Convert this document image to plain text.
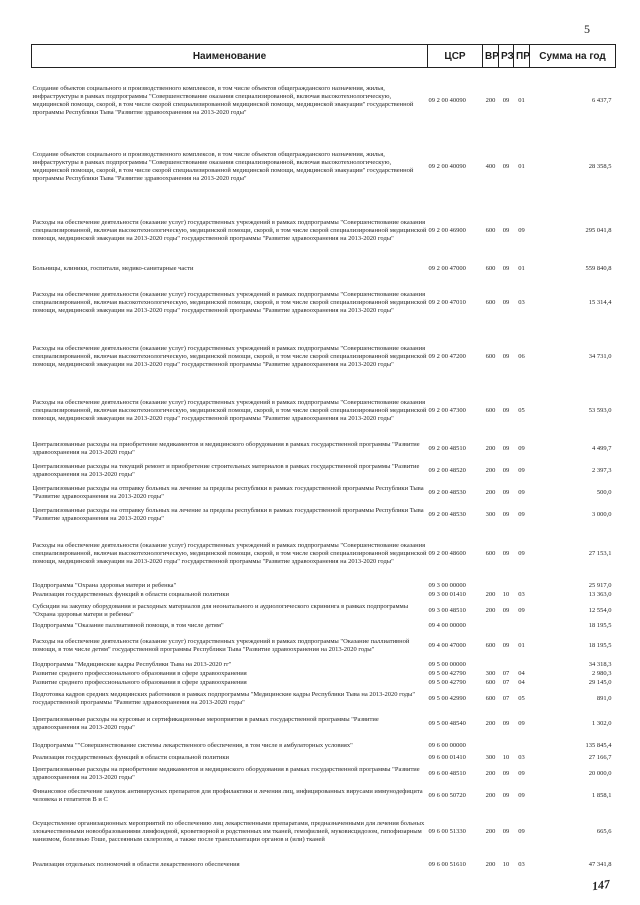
5
Наименование	ЦСР	ВР	РЗ	ПР	Сумма на год
Создание объектов социального и производственного комплексов, в том числе объектов общегражданского назначения, жилья, инфраструктуры в рамках подпрограммы "Совершенствование оказания специализированной, включая высокотехнологическую, медицинской помощи, скорой, в том числе скорой специализированной медицинской помощи, медицинской эвакуации" государственной программы Республики Тыва "Развитие здравоохранения на 2013-2020 годы"	09 2 00 40090	200	09	01	6 437,7
Создание объектов социального и производственного комплексов, в том числе объектов общегражданского назначения, жилья, инфраструктуры в рамках подпрограммы "Совершенствование оказания специализированной, включая высокотехнологическую, медицинской помощи, скорой, в том числе скорой специализированной медицинской помощи, медицинской эвакуации" государственной программы Республики Тыва "Развитие здравоохранения на 2013-2020 годы"	09 2 00 40090	400	09	01	28 358,5
Расходы на обеспечение деятельности (оказание услуг) государственных учреждений в рамках подпрограммы "Совершенствование оказания специализированной, включая высокотехнологическую, медицинской помощи, скорой, в том числе скорой специализированной медицинской помощи, медицинской эвакуации на 2013-2020 годы" государственной программы "Развитие здравоохранения на 2013-2020 годы"	09 2 00 46900	600	09	09	295 041,8
Больницы, клиники, госпитали, медико-санитарные части	09 2 00 47000	600	09	01	559 840,8
Расходы на обеспечение деятельности (оказание услуг) государственных учреждений в рамках подпрограммы "Совершенствование оказания специализированной, включая высокотехнологическую, медицинской помощи, скорой, в том числе скорой специализированной медицинской помощи, медицинской эвакуации на 2013-2020 годы" государственной программы "Развитие здравоохранения на 2013-2020 годы"	09 2 00 47010	600	09	03	15 314,4
Расходы на обеспечение деятельности (оказание услуг) государственных учреждений в рамках подпрограммы "Совершенствование оказания специализированной, включая высокотехнологическую, медицинской помощи, скорой, в том числе скорой специализированной медицинской помощи, медицинской эвакуации на 2013-2020 годы" государственной программы "Развитие здравоохранения на 2013-2020 годы"	09 2 00 47200	600	09	06	34 731,0
Расходы на обеспечение деятельности (оказание услуг) государственных учреждений в рамках подпрограммы "Совершенствование оказания специализированной, включая высокотехнологическую, медицинской помощи, скорой, в том числе скорой специализированной медицинской помощи, медицинской эвакуации на 2013-2020 годы" государственной программы "Развитие здравоохранения на 2013-2020 годы"	09 2 00 47300	600	09	05	53 593,0
Централизованные расходы на приобретение медикаментов и медицинского оборудования в рамках государственной программы "Развитие здравоохранения на 2013-2020 годы"	09 2 00 48510	200	09	09	4 499,7
Централизованные расходы на текущий ремонт и приобретение строительных материалов в рамках государственной программы "Развитие здравоохранения на 2013-2020 годы"	09 2 00 48520	200	09	09	2 397,3
Централизованные расходы на отправку больных на лечение за пределы республики в рамках государственной программы Республики Тыва "Развитие здравоохранения на 2013-2020 годы"	09 2 00 48530	200	09	09	500,0
Централизованные расходы на отправку больных на лечение за пределы республики в рамках государственной программы Республики Тыва "Развитие здравоохранения на 2013-2020 годы"	09 2 00 48530	300	09	09	3 000,0
Расходы на обеспечение деятельности (оказание услуг) государственных учреждений в рамках подпрограммы "Совершенствование оказания специализированной, включая высокотехнологическую, медицинской помощи, скорой, в том числе скорой специализированной медицинской помощи, медицинской эвакуации на 2013-2020 годы" государственной программы "Развитие здравоохранения на 2013-2020 годы"	09 2 00 48600	600	09	09	27 153,1
Подпрограмма "Охрана здоровья матери и ребенка"	09 3 00 00000				25 917,0
Реализация государственных функций в области социальной политики	09 3 00 01410	200	10	03	13 363,0
Субсидии на закупку оборудования и расходных материалов для неонатального и аудиологического скрининга в рамках подпрограммы "Охрана здоровья матери и ребенка"	09 3 00 48510	200	09	09	12 554,0
Подпрограмма "Оказание паллиативной помощи, в том числе детям"	09 4 00 00000				18 195,5
Расходы на обеспечение деятельности (оказание услуг) государственных учреждений в рамках подпрограммы "Оказание паллиативной помощи, в том числе детям" государственной программы Республики Тыва "Развитие здравоохранения на 2013-2020 годы"	09 4 00 47000	600	09	01	18 195,5
Подпрограмма "Медицинские кадры Республики Тыва на 2013-2020 гг"	09 5 00 00000				34 318,3
Развитие среднего профессионального образования в сфере здравоохранения	09 5 00 42790	300	07	04	2 980,3
Развитие среднего профессионального образования в сфере здравоохранения	09 5 00 42790	600	07	04	29 145,0
Подготовка кадров средних медицинских работников в рамках подпрограммы "Медицинские кадры Республики Тыва на 2013-2020 годы" государственной программы "Развитие здравоохранения на 2013-2020 годы"	09 5 00 42990	600	07	05	891,0
Централизованные расходы на курсовые и сертификационные мероприятия в рамках государственной программы "Развитие здравоохранения на 2013-2020 годы"	09 5 00 48540	200	09	09	1 302,0
Подпрограмма ""Совершенствование системы лекарственного обеспечения, в том числе в амбулаторных условиях"	09 6 00 00000				135 845,4
Реализация государственных функций в области социальной политики	09 6 00 01410	300	10	03	27 166,7
Централизованные расходы на приобретение медикаментов и медицинского оборудования в рамках государственной программы "Развитие здравоохранения на 2013-2020 годы"	09 6 00 48510	200	09	09	20 000,0
Финансовое обеспечение закупок антивирусных препаратов для профилактики и лечения лиц, инфицированных вирусами иммунодефицита человека и гепатитов В и С	09 6 00 50720	200	09	09	1 858,1
Осуществление организационных мероприятий по обеспечению лиц лекарственными препаратами, предназначенными для лечения больных злокачественными новообразованиями лимфоидной, кроветворной и родственных им тканей, гемофилией, муковисцидозом, гипофизарным нанизмом, болезнью Гоше, рассеянным склерозом, а также после трансплантации органов и (или) тканей	09 6 00 51330	200	09	09	665,6
Реализация отдельных полномочий в области лекарственного обеспечения	09 6 00 51610	200	10	03	47 341,8
147
